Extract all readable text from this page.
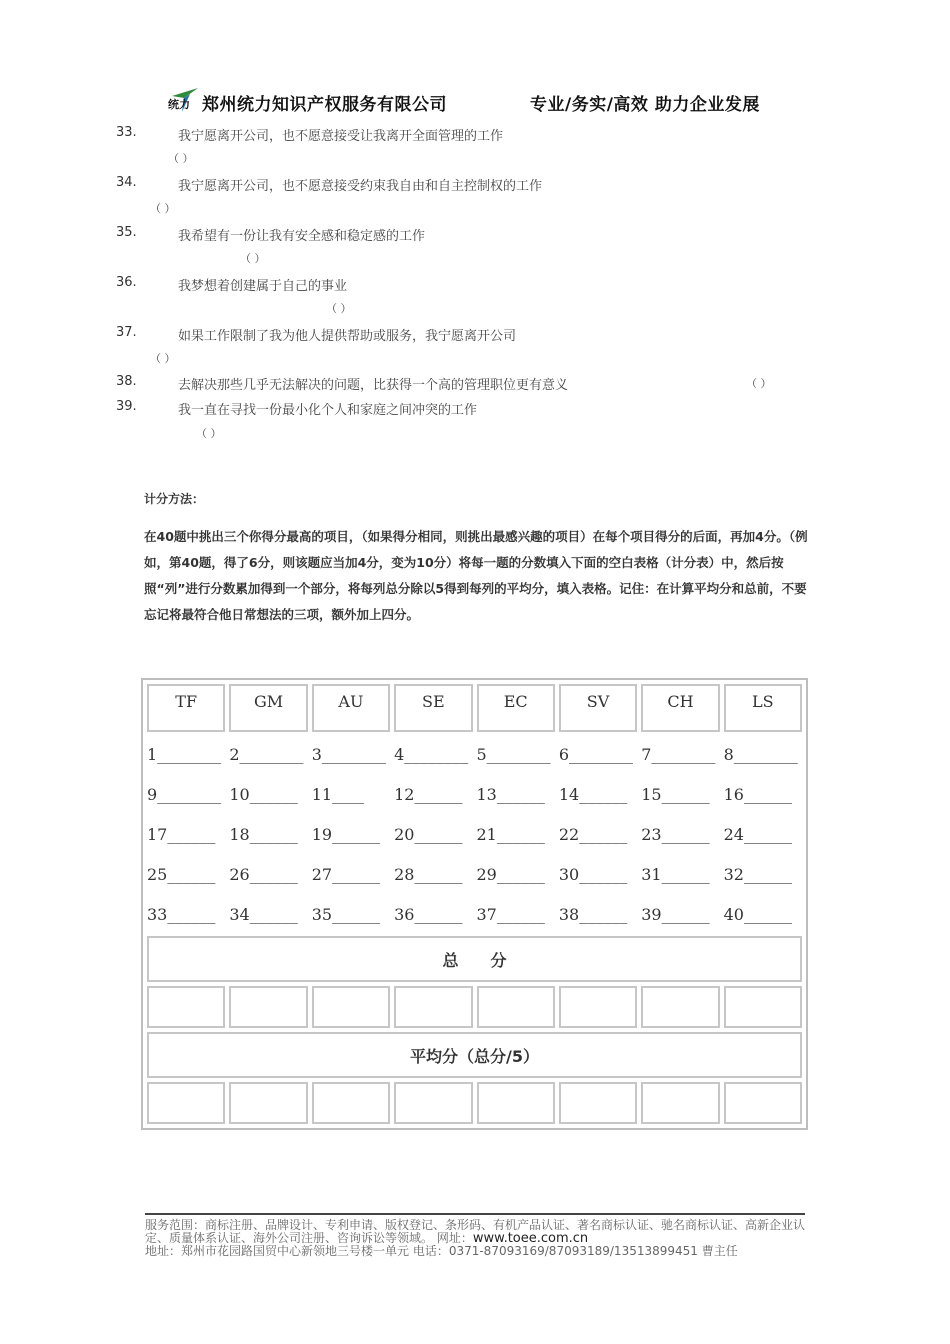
统力 郑州统力知识产权服务有限公司	专业/务实/高效 助力企业发展
33.	我宁愿离开公司，也不愿意接受让我离开全面管理的工作
（ ）
34.	我宁愿离开公司，也不愿意接受约束我自由和自主控制权的工作
（ ）
35.	我希望有一份让我有安全感和稳定感的工作
（ ）
36.	我梦想着创建属于自己的事业
（ ）
37.	如果工作限制了我为他人提供帮助或服务，我宁愿离开公司
（ ）
38.	去解决那些几乎无法解决的问题，比获得一个高的管理职位更有意义	（ ）
39.	我一直在寻找一份最小化个人和家庭之间冲突的工作
（ ）
计分方法：
在40题中挑出三个你得分最高的项目，（如果得分相同，则挑出最感兴趣的项目）在每个项目得分的后面，再加4分。（例如，第40题，得了6分，则该题应当加4分，变为10分）将每一题的分数填入下面的空白表格（计分表）中，然后按照“列”进行分数累加得到一个部分，将每列总分除以5得到每列的平均分，填入表格。记住：在计算平均分和总前，不要忘记将最符合他日常想法的三项，额外加上四分。
TF	GM	AU	SE	EC	SV	CH	LS
1________	2________	3________	4________	5________	6________	7________	8________
9________	10______	11____	12______	13______	14______	15______	16______
17______	18______	19______	20______	21______	22______	23______	24______
25______	26______	27______	28______	29______	30______	31______	32______
33______	34______	35______	36______	37______	38______	39______	40______
总　　分							

平均分（总分/5）							

服务范围：商标注册、品牌设计、专利申请、版权登记、条形码、有机产品认证、著名商标认证、驰名商标认证、高新企业认定、质量体系认证、海外公司注册、咨询诉讼等领域。 网址：www.toee.com.cn
地址：郑州市花园路国贸中心新领地三号楼一单元 电话：0371-87093169/87093189/13513899451 曹主任
